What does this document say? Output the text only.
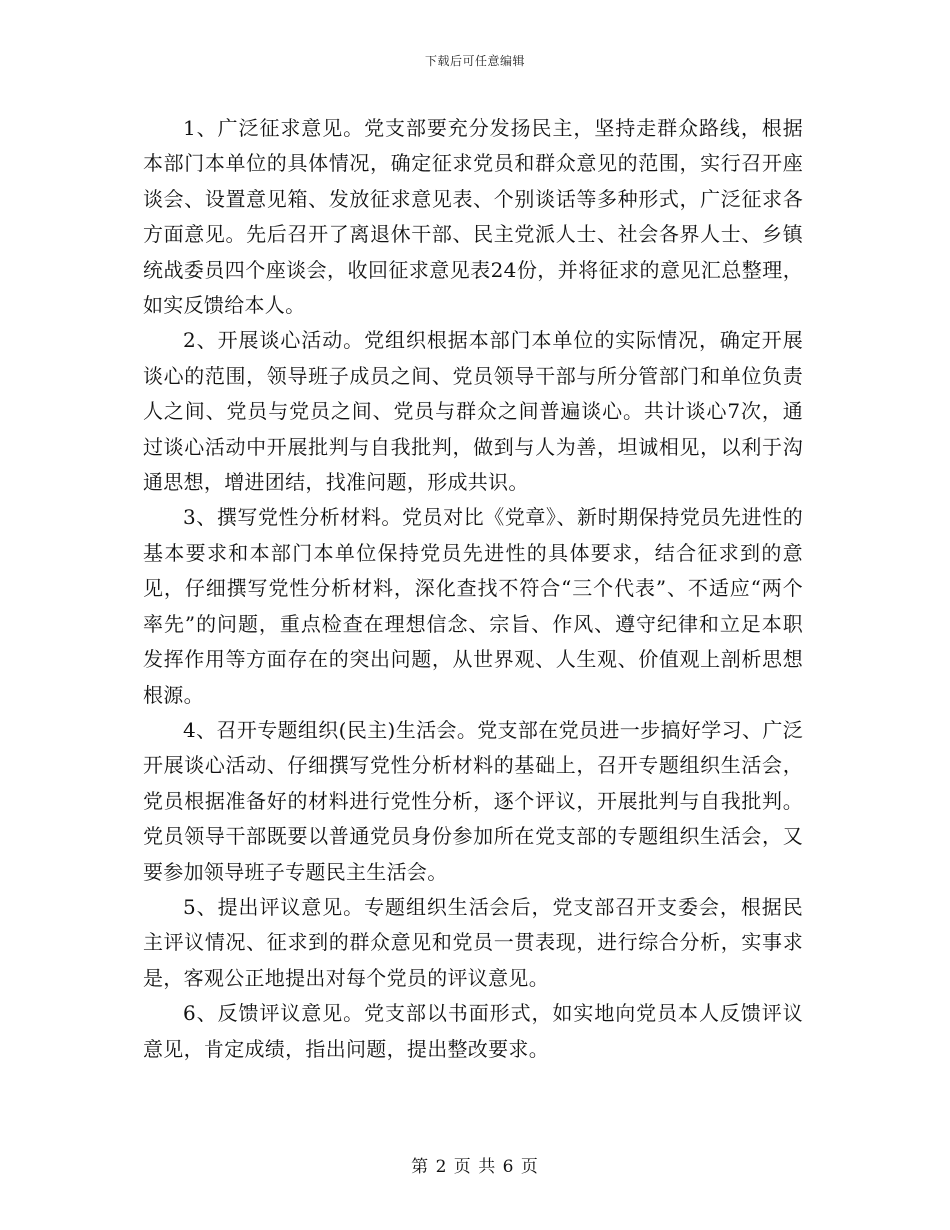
下载后可任意编辑

1、广泛征求意见。党支部要充分发扬民主，坚持走群众路线，根据本部门本单位的具体情况，确定征求党员和群众意见的范围，实行召开座谈会、设置意见箱、发放征求意见表、个别谈话等多种形式，广泛征求各方面意见。先后召开了离退休干部、民主党派人士、社会各界人士、乡镇统战委员四个座谈会，收回征求意见表24份，并将征求的意见汇总整理，如实反馈给本人。

2、开展谈心活动。党组织根据本部门本单位的实际情况，确定开展谈心的范围，领导班子成员之间、党员领导干部与所分管部门和单位负责人之间、党员与党员之间、党员与群众之间普遍谈心。共计谈心7次，通过谈心活动中开展批判与自我批判，做到与人为善，坦诚相见，以利于沟通思想，增进团结，找准问题，形成共识。

3、撰写党性分析材料。党员对比《党章》、新时期保持党员先进性的基本要求和本部门本单位保持党员先进性的具体要求，结合征求到的意见，仔细撰写党性分析材料，深化查找不符合“三个代表”、不适应“两个率先”的问题，重点检查在理想信念、宗旨、作风、遵守纪律和立足本职发挥作用等方面存在的突出问题，从世界观、人生观、价值观上剖析思想根源。

4、召开专题组织(民主)生活会。党支部在党员进一步搞好学习、广泛开展谈心活动、仔细撰写党性分析材料的基础上，召开专题组织生活会，党员根据准备好的材料进行党性分析，逐个评议，开展批判与自我批判。党员领导干部既要以普通党员身份参加所在党支部的专题组织生活会，又要参加领导班子专题民主生活会。

5、提出评议意见。专题组织生活会后，党支部召开支委会，根据民主评议情况、征求到的群众意见和党员一贯表现，进行综合分析，实事求是，客观公正地提出对每个党员的评议意见。

6、反馈评议意见。党支部以书面形式，如实地向党员本人反馈评议意见，肯定成绩，指出问题，提出整改要求。

第 2 页 共 6 页
